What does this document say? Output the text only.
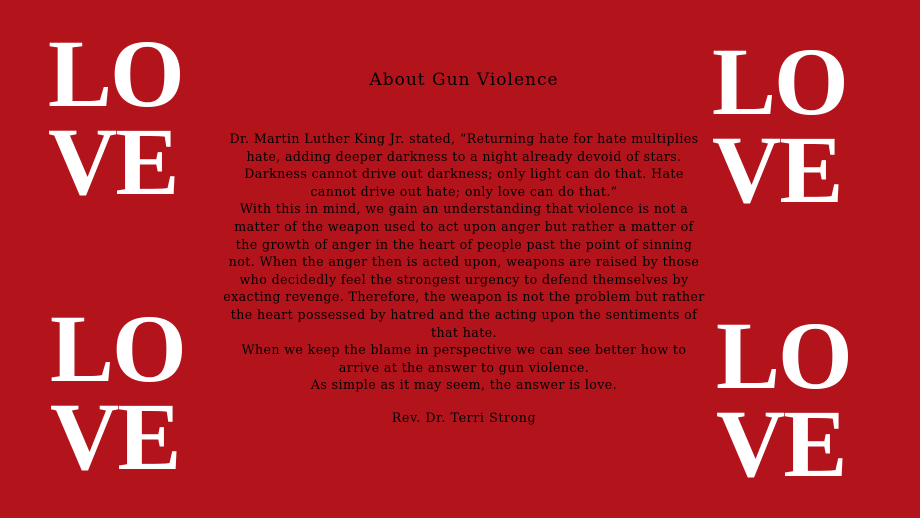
LO
VE
LO
VE
LO
VE
LO
VE
About Gun Violence

Dr. Martin Luther King Jr. stated, “Returning hate for hate multiplies hate, adding deeper darkness to a night already devoid of stars. Darkness cannot drive out darkness; only light can do that. Hate cannot drive out hate; only love can do that.”

With this in mind, we gain an understanding that violence is not a matter of the weapon used to act upon anger but rather a matter of the growth of anger in the heart of people past the point of sinning not. When the anger then is acted upon, weapons are raised by those who decidedly feel the strongest urgency to defend themselves by exacting revenge. Therefore, the weapon is not the problem but rather the heart possessed by hatred and the acting upon the sentiments of that hate.

When we keep the blame in perspective we can see better how to arrive at the answer to gun violence.

As simple as it may seem, the answer is love.

Rev. Dr. Terri Strong
